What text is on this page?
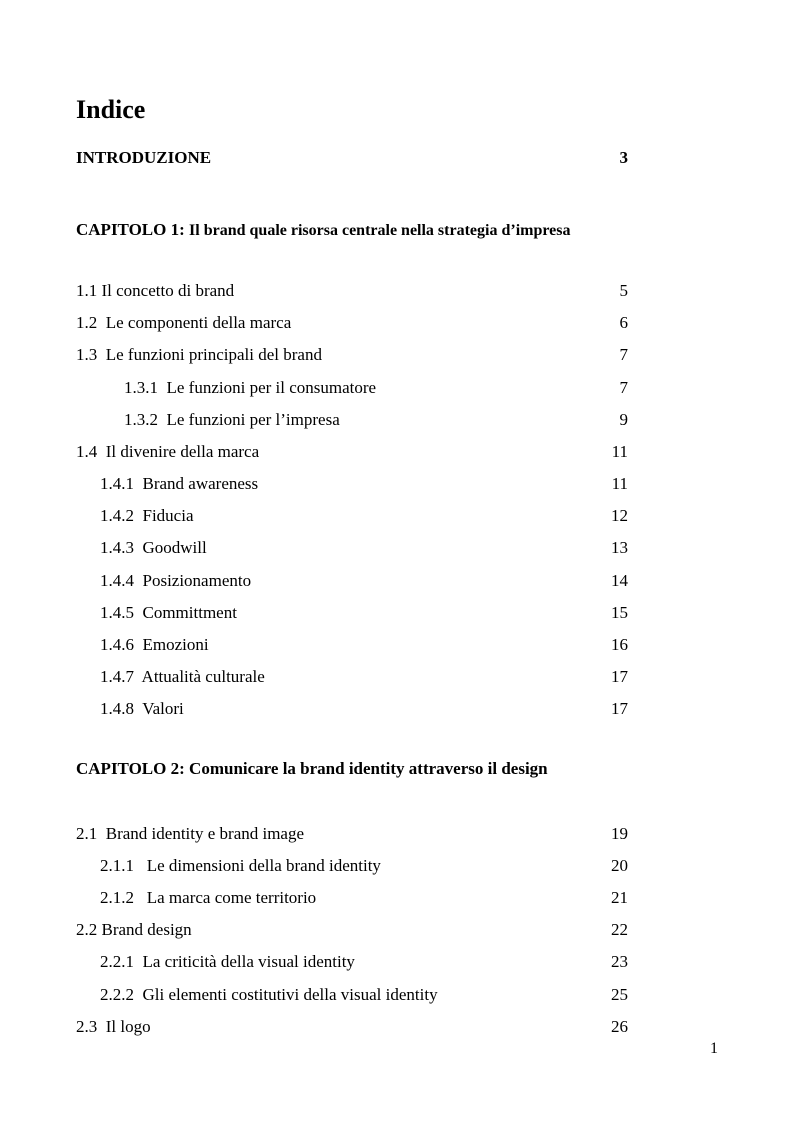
Indice
INTRODUZIONE	3
CAPITOLO 1: Il brand quale risorsa centrale nella strategia d’impresa
1.1 Il concetto di brand	5
1.2  Le componenti della marca	6
1.3  Le funzioni principali del brand	7
1.3.1  Le funzioni per il consumatore	7
1.3.2  Le funzioni per l’impresa	9
1.4  Il divenire della marca	11
1.4.1  Brand awareness	11
1.4.2  Fiducia	12
1.4.3  Goodwill	13
1.4.4  Posizionamento	14
1.4.5  Committment	15
1.4.6  Emozioni	16
1.4.7  Attualità culturale	17
1.4.8  Valori	17
CAPITOLO 2: Comunicare la brand identity attraverso il design
2.1  Brand identity e brand image	19
2.1.1   Le dimensioni della brand identity	20
2.1.2   La marca come territorio	21
2.2 Brand design	22
2.2.1  La criticità della visual identity	23
2.2.2  Gli elementi costitutivi della visual identity	25
2.3  Il logo	26
1
